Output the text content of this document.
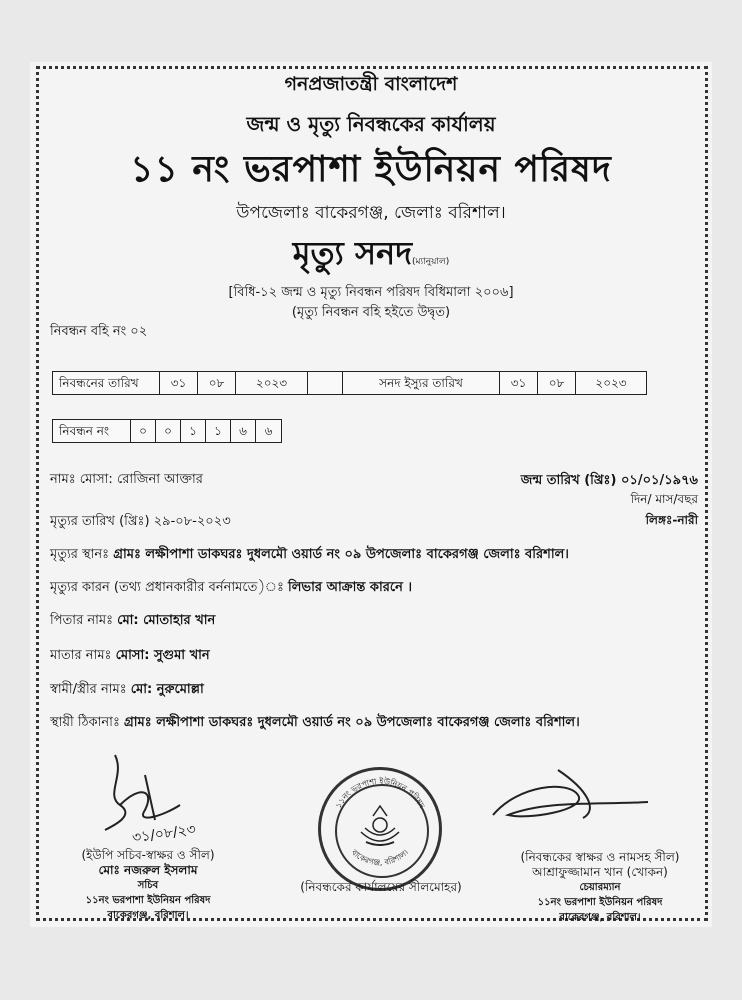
গনপ্রজাতন্ত্রী বাংলাদেশ
জন্ম ও মৃত্যু নিবন্ধকের কার্যালয়
১১ নং ভরপাশা ইউনিয়ন পরিষদ
উপজেলাঃ বাকেরগঞ্জ, জেলাঃ বরিশাল।
মৃত্যু সনদ(ম্যানুয়াল)
[বিধি-১২ জন্ম ও মৃত্যু নিবন্ধন পরিষদ বিধিমালা ২০০৬]
(মৃত্যু নিবন্ধন বহি হইতে উদ্বৃত)
নিবন্ধন বহি নং ০২
নিবন্ধনের তারিখ	৩১	০৮	২০২৩	সনদ ইস্যুর তারিখ	৩১	০৮	২০২৩
নিবন্ধন নং	০	০	১	১	৬	৬
নামঃ মোসা: রোজিনা আক্তার	জন্ম তারিখ (খ্রিঃ) ০১/০১/১৯৭৬
দিন/ মাস/বছর
মৃত্যুর তারিখ (খ্রিঃ) ২৯-০৮-২০২৩	লিঙ্গঃ-নারী
মৃত্যুর স্থানঃ গ্রামঃ লক্ষীপাশা ডাকঘরঃ দুধলমৌ ওয়ার্ড নং ০৯ উপজেলাঃ বাকেরগঞ্জ জেলাঃ বরিশাল।
মৃত্যুর কারন (তথ্য প্রধানকারীর বর্ননামতে)ঃ লিভার আক্রান্ত কারনে ।
পিতার নামঃ মো: মোতাহার খান
মাতার নামঃ মোসা: সুগুমা খান
স্বামী/স্ত্রীর নামঃ মো: নুরুমোল্লা
স্থায়ী ঠিকানাঃ গ্রামঃ লক্ষীপাশা ডাকঘরঃ দুধলমৌ ওয়ার্ড নং ০৯ উপজেলাঃ বাকেরগঞ্জ জেলাঃ বরিশাল।
৩১/০৮/২৩
(ইউপি সচিব-স্বাক্ষর ও সীল)
মোঃ নজরুল ইসলাম
সচিব
১১নং ভরপাশা ইউনিয়ন পরিষদ
বাকেরগঞ্জ, বরিশাল।
১১নং ভরপাশা ইউনিয়ন পরিষদ
বাকেরগঞ্জ, বরিশাল।
(নিবন্ধকের কার্যালয়ের সীলমোহর)
(নিবন্ধকের স্বাক্ষর ও নামসহ সীল)
আশ্রাফুজ্জামান খান (খোকন)
চেয়ারম্যান
১১নং ভরপাশা ইউনিয়ন পরিষদ
বাকেরগঞ্জ, বরিশাল।
